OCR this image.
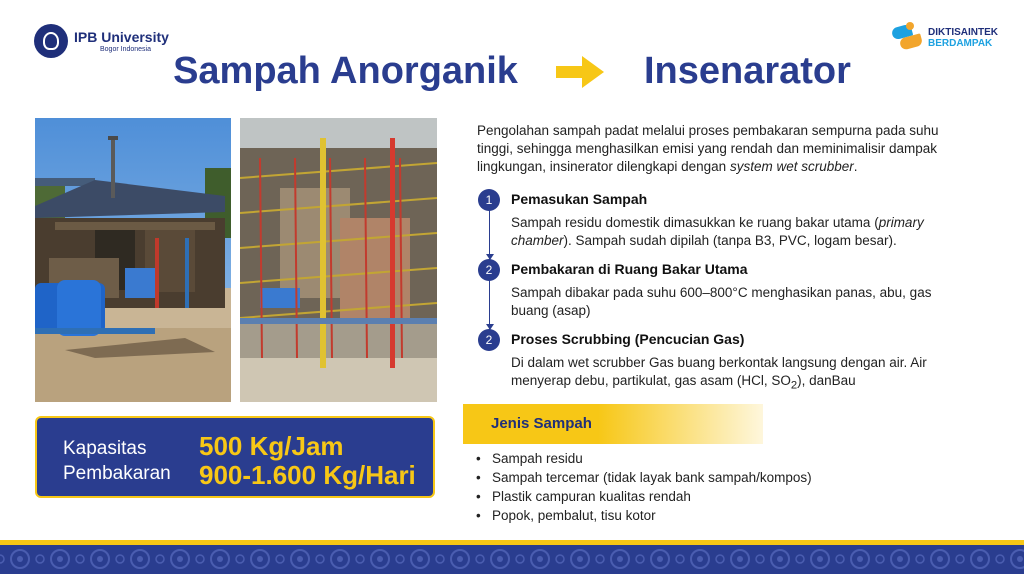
IPB University
Bogor Indonesia
DIKTISAINTEK
BERDAMPAK
Sampah Anorganik	Insenarator
Kapasitas
Pembakaran
500 Kg/Jam
900-1.600 Kg/Hari
Pengolahan sampah padat melalui proses pembakaran sempurna pada suhu tinggi, sehingga menghasilkan emisi yang rendah dan meminimalisir dampak lingkungan, insinerator dilengkapi dengan system wet scrubber.
1	Pemasukan Sampah
Sampah residu domestik dimasukkan ke ruang bakar utama (primary chamber). Sampah sudah dipilah (tanpa B3, PVC, logam besar).
2	Pembakaran di Ruang Bakar Utama
Sampah dibakar pada suhu 600–800°C menghasikan panas, abu, gas buang (asap)
2	Proses Scrubbing (Pencucian Gas)
Di dalam wet scrubber Gas buang berkontak langsung dengan air. Air menyerap debu, partikulat, gas asam (HCl, $SO_2$), danBau
Jenis Sampah
• Sampah residu
• Sampah tercemar (tidak layak bank sampah/kompos)
• Plastik campuran kualitas rendah
• Popok, pembalut, tisu kotor
